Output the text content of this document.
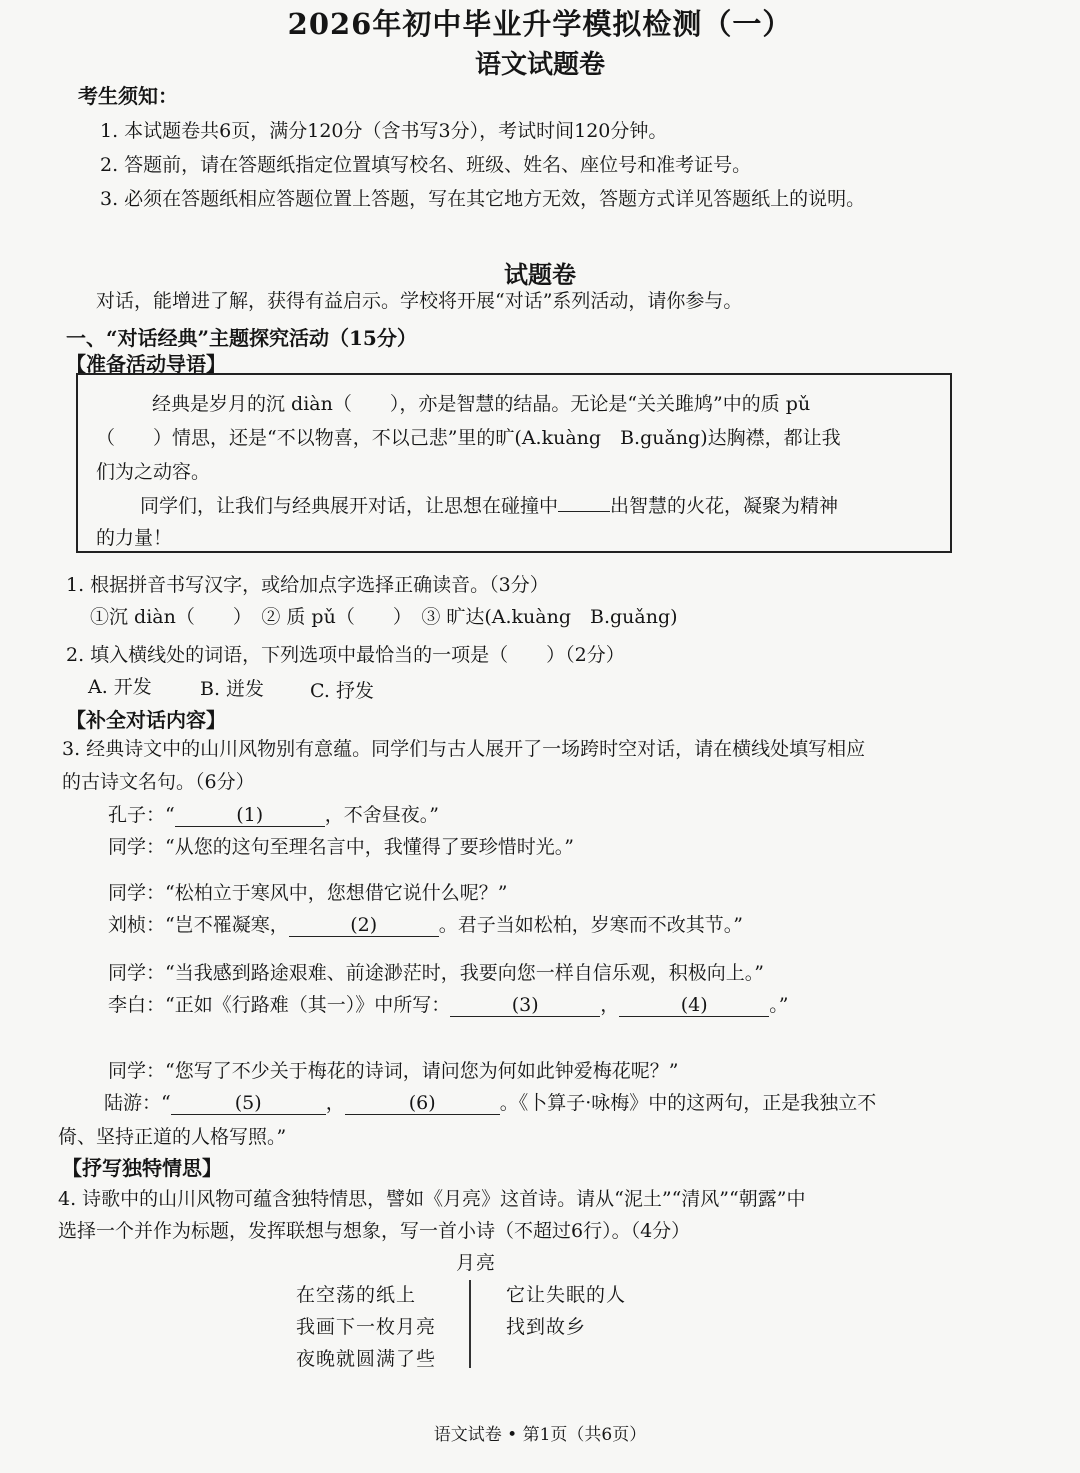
2026年初中毕业升学模拟检测（一）
语文试题卷
考生须知：
1. 本试题卷共6页，满分120分（含书写3分），考试时间120分钟。
2. 答题前，请在答题纸指定位置填写校名、班级、姓名、座位号和准考证号。
3. 必须在答题纸相应答题位置上答题，写在其它地方无效，答题方式详见答题纸上的说明。
试题卷
对话，能增进了解，获得有益启示。学校将开展“对话”系列活动，请你参与。
一、“对话经典”主题探究活动（15分）
【准备活动导语】
经典是岁月的沉 diàn（　　），亦是智慧的结晶。无论是“关关雎鸠”中的质 pǔ
（　　）情思，还是“不以物喜，不以己悲”里的旷(A.kuàng　B.guǎng)达胸襟，都让我
们为之动容。
同学们，让我们与经典展开对话，让思想在碰撞中	出智慧的火花，凝聚为精神
的力量！
1. 根据拼音书写汉字，或给加点字选择正确读音。（3分）
①沉 diàn（　　）　② 质 pǔ（　　）　③ 旷达(A.kuàng　B.guǎng)
2. 填入横线处的词语，下列选项中最恰当的一项是（　　）（2分）
A. 开发	B. 迸发 C. 抒发
【补全对话内容】
3. 经典诗文中的山川风物别有意蕴。同学们与古人展开了一场跨时空对话，请在横线处填写相应
的古诗文名句。（6分）
孔子：“	(1)	，不舍昼夜。”
同学：“从您的这句至理名言中，我懂得了要珍惜时光。”
同学：“松柏立于寒风中，您想借它说什么呢？”
刘桢：“岂不罹凝寒，	(2)	。君子当如松柏，岁寒而不改其节。”
同学：“当我感到路途艰难、前途渺茫时，我要向您一样自信乐观，积极向上。”
李白：“正如《行路难（其一）》中所写：	(3)	，	(4)	。”
同学：“您写了不少关于梅花的诗词，请问您为何如此钟爱梅花呢？”
陆游：“	(5)	，	(6)	。《卜算子·咏梅》中的这两句，正是我独立不
倚、坚持正道的人格写照。”
【抒写独特情思】
4. 诗歌中的山川风物可蕴含独特情思，譬如《月亮》这首诗。请从“泥土”“清风”“朝露”中
选择一个并作为标题，发挥联想与想象，写一首小诗（不超过6行）。（4分）
月亮
在空荡的纸上
我画下一枚月亮
夜晚就圆满了些
它让失眠的人
找到故乡
语文试卷 • 第1页（共6页）
